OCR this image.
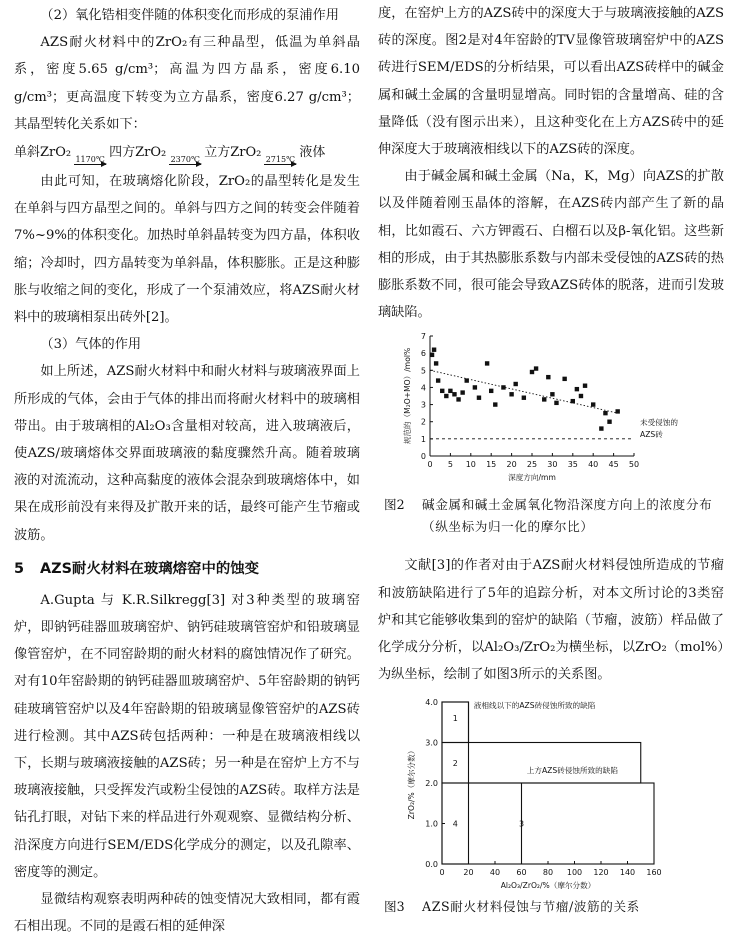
（2）氧化锆相变伴随的体积变化而形成的泵浦作用

AZS耐火材料中的ZrO₂有三种晶型，低温为单斜晶系，密度5.65 g/cm³；高温为四方晶系，密度6.10 g/cm³；更高温度下转变为立方晶系，密度6.27 g/cm³；其晶型转化关系如下：

单斜ZrO₂ 1170℃ 四方ZrO₂ 2370℃ 立方ZrO₂ 2715℃ 液体

由此可知，在玻璃熔化阶段，ZrO₂的晶型转化是发生在单斜与四方晶型之间的。单斜与四方之间的转变会伴随着7%~9%的体积变化。加热时单斜晶转变为四方晶，体积收缩；冷却时，四方晶转变为单斜晶，体积膨胀。正是这种膨胀与收缩之间的变化，形成了一个泵浦效应，将AZS耐火材料中的玻璃相泵出砖外[2]。

（3）气体的作用

如上所述，AZS耐火材料中和耐火材料与玻璃液界面上所形成的气体，会由于气体的排出而将耐火材料中的玻璃相带出。由于玻璃相的Al₂O₃含量相对较高，进入玻璃液后，使AZS/玻璃熔体交界面玻璃液的黏度骤然升高。随着玻璃液的对流流动，这种高黏度的液体会混杂到玻璃熔体中，如果在成形前没有来得及扩散开来的话，最终可能产生节瘤或波筋。

5 AZS耐火材料在玻璃熔窑中的蚀变

A.Gupta 与 K.R.Silkregg[3] 对3种类型的玻璃窑炉，即钠钙硅器皿玻璃窑炉、钠钙硅玻璃管窑炉和铅玻璃显像管窑炉，在不同窑龄期的耐火材料的腐蚀情况作了研究。对有10年窑龄期的钠钙硅器皿玻璃窑炉、5年窑龄期的钠钙硅玻璃管窑炉以及4年窑龄期的铅玻璃显像管窑炉的AZS砖进行检测。其中AZS砖包括两种：一种是在玻璃液相线以下，长期与玻璃液接触的AZS砖；另一种是在窑炉上方不与玻璃液接触，只受挥发汽或粉尘侵蚀的AZS砖。取样方法是钻孔打眼，对钻下来的样品进行外观观察、显微结构分析、沿深度方向进行SEM/EDS化学成分的测定，以及孔隙率、密度等的测定。

显微结构观察表明两种砖的蚀变情况大致相同，都有霞石相出现。不同的是霞石相的延伸深

度，在窑炉上方的AZS砖中的深度大于与玻璃液接触的AZS砖的深度。图2是对4年窑龄的TV显像管玻璃窑炉中的AZS砖进行SEM/EDS的分析结果，可以看出AZS砖样中的碱金属和碱土金属的含量明显增高。同时铝的含量增高、硅的含量降低（没有图示出来），且这种变化在上方AZS砖中的延伸深度大于玻璃液相线以下的AZS砖的深度。

由于碱金属和碱土金属（Na，K，Mg）向AZS的扩散以及伴随着刚玉晶体的溶解，在AZS砖内部产生了新的晶相，比如霞石、六方钾霞石、白榴石以及β-氧化铝。这些新相的形成，由于其热膨胀系数与内部未受侵蚀的AZS砖的热膨胀系数不同，很可能会导致AZS砖体的脱落，进而引发玻璃缺陷。

0
1
2
3
4
5
6
7
0 5 10 15 20 25 30 35 40 45 50
深度方向/mm
规范的（M₂O+MO）/mol%	未受侵蚀的
AZS砖
图2	碱金属和碱土金属氧化物沿深度方向上的浓度分布（纵坐标为归一化的摩尔比）

文献[3]的作者对由于AZS耐火材料侵蚀所造成的节瘤和波筋缺陷进行了5年的追踪分析，对本文所讨论的3类窑炉和其它能够收集到的窑炉的缺陷（节瘤，波筋）样品做了化学成分分析，以Al₂O₃/ZrO₂为横坐标，以ZrO₂（mol%）为纵坐标，绘制了如图3所示的关系图。

0.0
1.0
2.0
3.0
4.0
0 20 40 60 80 100 120 140 160
Al₂O₃/ZrO₂/%（摩尔分数）
ZrO₂/%（摩尔分数）
1
2
3
4
液相线以下的AZS砖侵蚀所致的缺陷
上方AZS砖侵蚀所致的缺陷
图3	AZS耐火材料侵蚀与节瘤/波筋的关系
